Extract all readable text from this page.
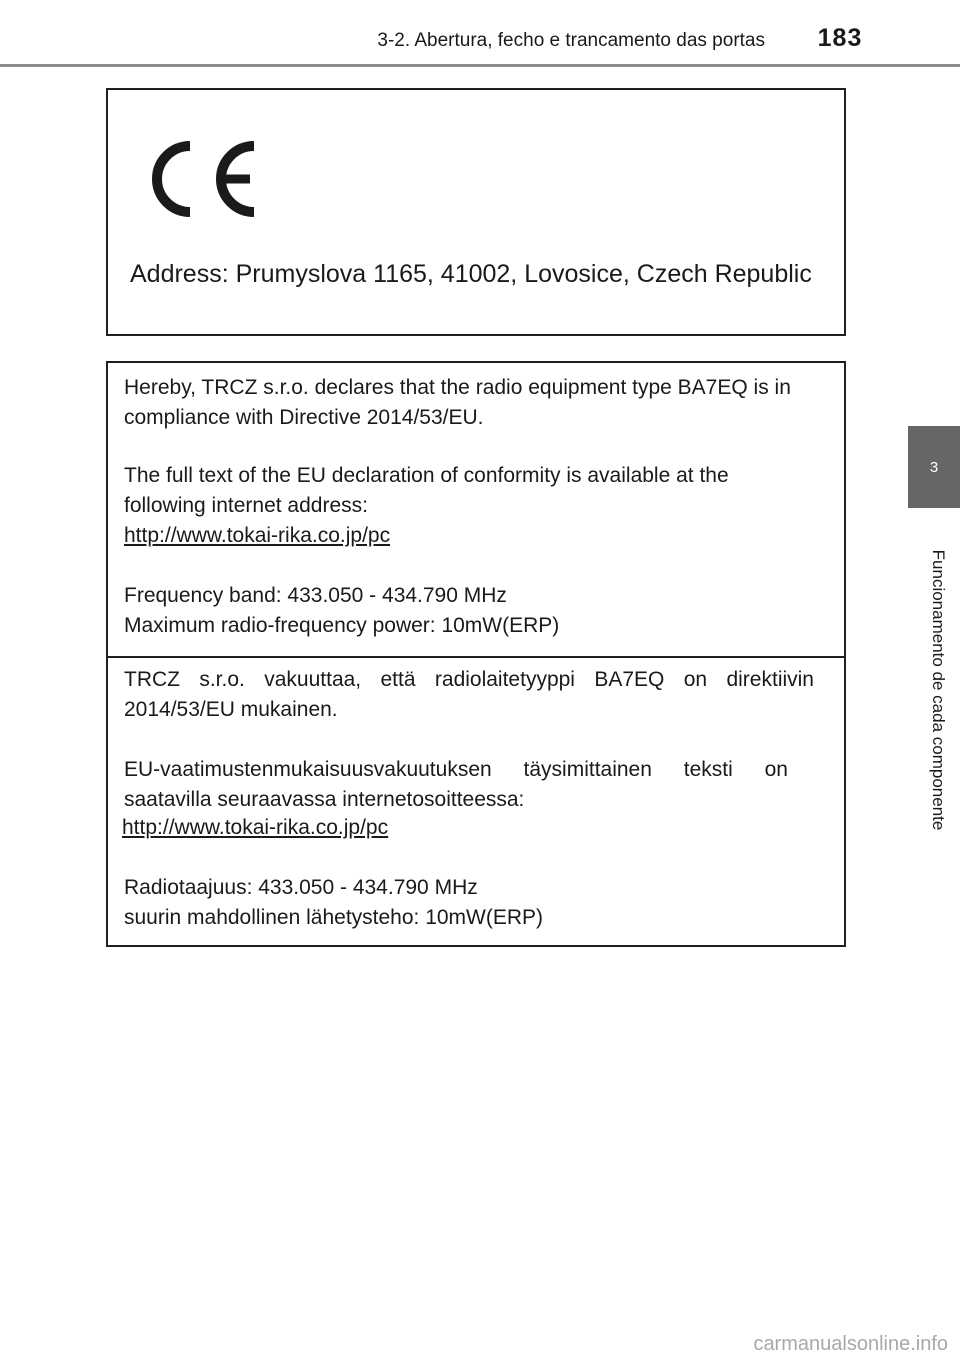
3-2. Abertura, fecho e trancamento das portas	183
3
Funcionamento de cada componente
Address: Prumyslova 1165, 41002, Lovosice, Czech Republic

Hereby, TRCZ s.r.o. declares that the radio equipment type BA7EQ is in

compliance with Directive 2014/53/EU.

The full text of the EU declaration of conformity is available at the

following internet address:

http://www.tokai-rika.co.jp/pc

Frequency band: 433.050 - 434.790 MHz

Maximum radio-frequency power: 10mW(ERP)

TRCZ s.r.o. vakuuttaa, että radiolaitetyyppi BA7EQ on direktiivin

2014/53/EU mukainen.

EU-vaatimustenmukaisuusvakuutuksen täysimittainen teksti on

saatavilla seuraavassa internetosoitteessa:

http://www.tokai-rika.co.jp/pc

Radiotaajuus: 433.050 - 434.790 MHz

suurin mahdollinen lähetysteho: 10mW(ERP)

carmanualsonline.info
